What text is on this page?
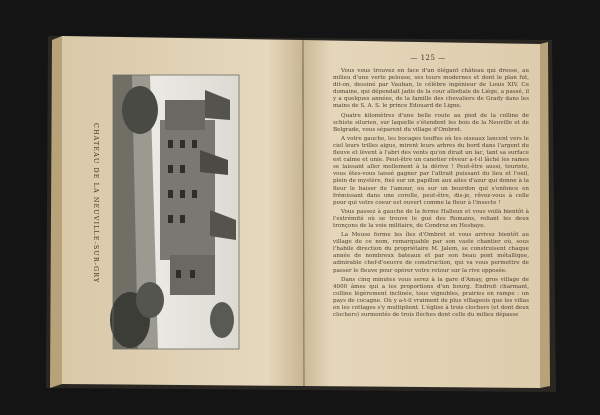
CHATEAU DE LA NEUVILLE-SUR-GRY
— 125 —

Vous vous trouvez en face d'un élégant château qui dresse, au milieu d'une verte pelouse, ses tours modernes et dont le plan fut, dit-on, dessiné par Vauban, le célèbre ingénieur de Louis XIV. Ce domaine, qui dépendait jadis de la cour allodiale de Liège, a passé, il y a quelques années, de la famille des chevaliers de Grady dans les mains de S. A. S. le prince Edouard de Ligne.

Quatre kilomètres d'une belle route au pied de la colline de schiste silurien, sur laquelle s'étendent les bois de la Neuville et de Belgrade, vous séparent du village d'Ombret.

A votre gauche, les bocages touffus où les oiseaux lancent vers le ciel leurs trilles aigus, mirent leurs arbres du bord dans l'argent du fleuve et lèvent à l'abri des vents qu'on dirait un lac, tant sa surface est calme et unie. Peut-être un canotier rêveur a-t-il lâché les rames se laissant aller mollement à la dérive ! Peut-être aussi, touriste, vous êtes-vous laissé gagner par l'attrait puissant du lieu et l'oeil, plein de mystère, fixé sur un papillon aux ailes d'azur qui donne à la fleur le baiser de l'amour, ou sur un bourdon qui s'enfonce en frémissant dans une corolle, peut-être, dis-je, rêvez-vous à celle pour qui votre coeur est ouvert comme la fleur à l'insecte !

Vous passez à gauche de la ferme Halleux et vous voilà bientôt à l'extrémité où se trouve le gué des Romains, reliant les deux tronçons de la voie militaire, de Condroz en Hesbaye.

La Meuse forme les îles d'Ombret et vous arrivez bientôt au village de ce nom, remarquable par son vaste chantier où, sous l'habile direction du propriétaire M. Jalem, se construisent chaque année de nombreux bateaux et par son beau pont métallique, admirable chef-d'oeuvre de construction, qui va vous permettre de passer le fleuve pour opérer votre retour sur la rive opposée.

Dans cinq minutes vous serez à la gare d'Amay, gros village de 4000 âmes qui a les proportions d'un bourg. Endroit charmant, colline légèrement inclinée, tous vignobles, prairies en rampe : un pays de cocagne. Où y a-t-il vraiment de plus villageois que les villas en les cottages s'y multiplient. L'église à trois clochers (et dont deux clochers) surmontés de trois flèches dont celle du milieu dépasse
